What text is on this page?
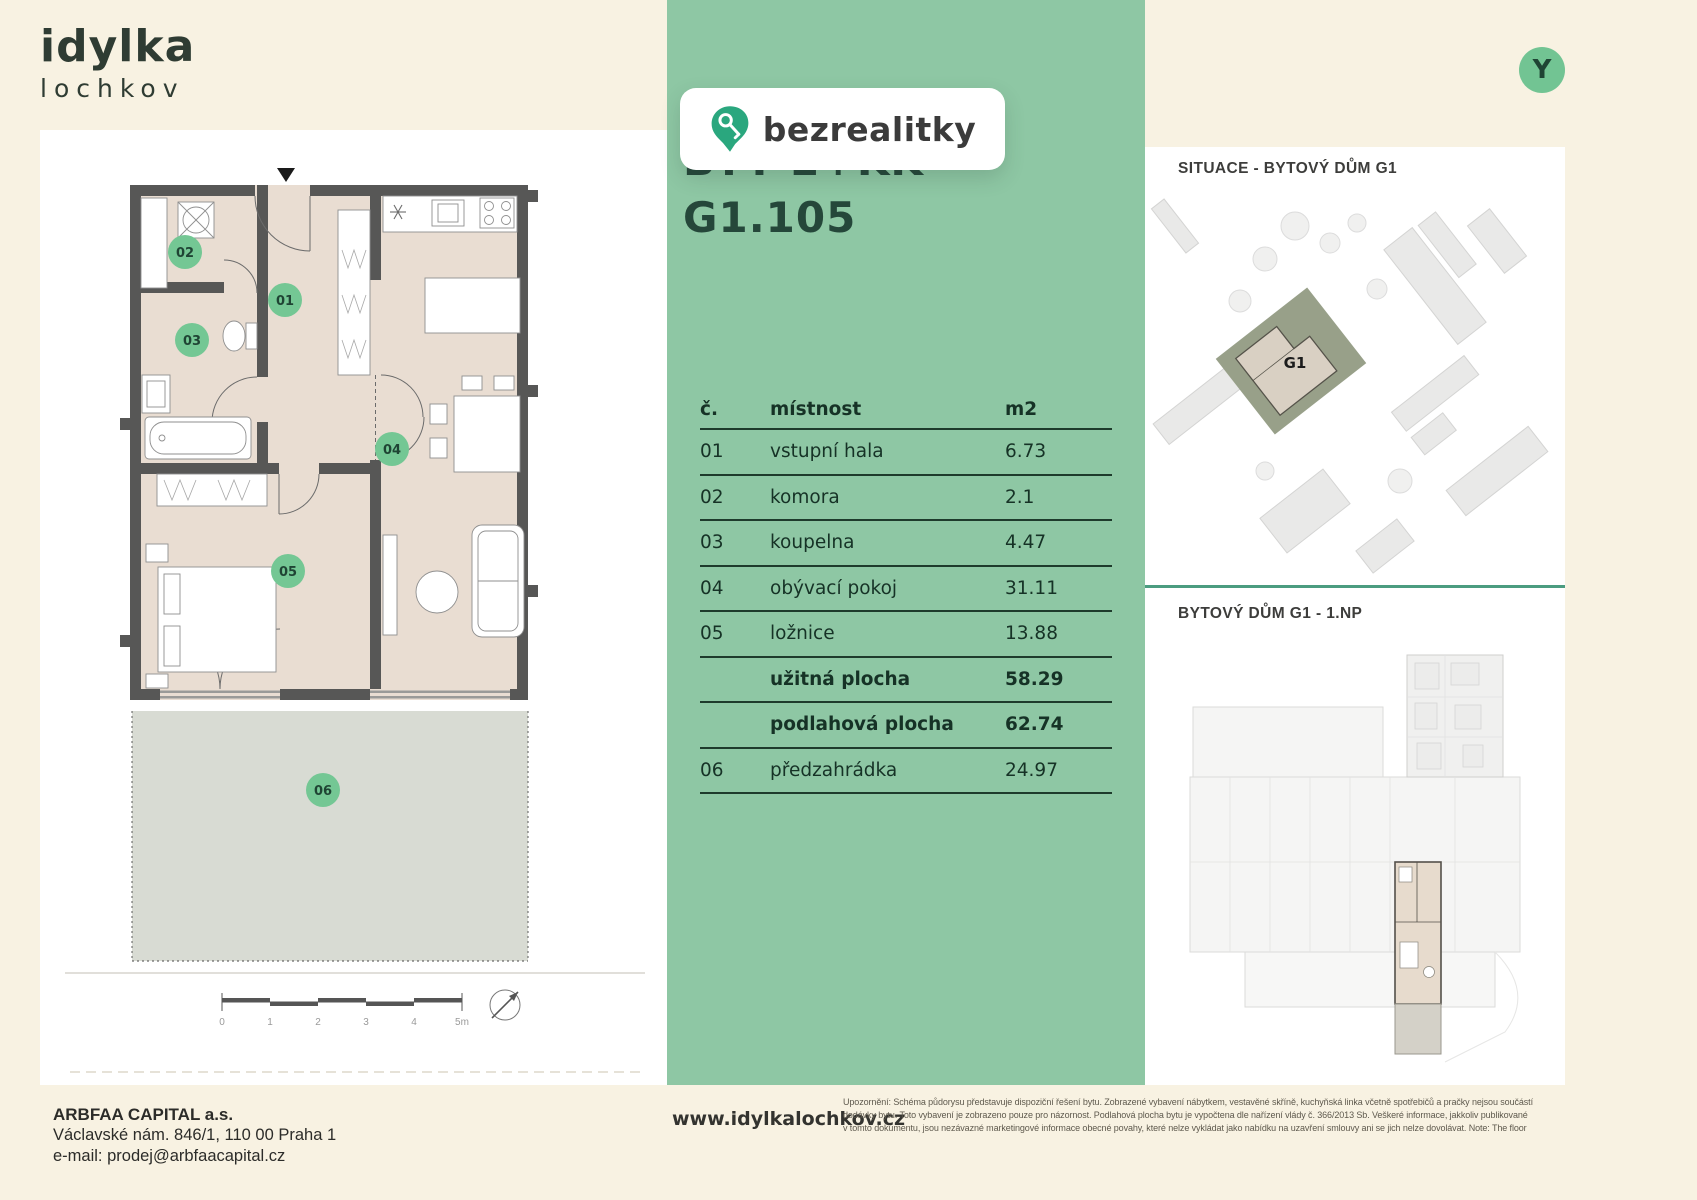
idylka
lochkov
Y
01
02
03
04
05
06
0	1	2	3	4	5m
G1.105
bezrealitky
č.	místnost	m2
01	vstupní hala	6.73
02	komora	2.1
03	koupelna	4.47
04	obývací pokoj	31.11
05	ložnice	13.88
užitná plocha	58.29
podlahová plocha	62.74
06	předzahrádka	24.97
SITUACE - BYTOVÝ DŮM G1
G1
BYTOVÝ DŮM G1 - 1.NP
ARBFAA CAPITAL a.s.
Václavské nám. 846/1, 110 00 Praha 1
e-mail: prodej@arbfaacapital.cz
www.idylkalochkov.cz
Upozornění: Schéma půdorysu představuje dispoziční řešení bytu. Zobrazené vybavení nábytkem, vestavěné skříně, kuchyňská linka včetně spotřebičů a pračky nejsou součástí
dodávky bytu. Toto vybavení je zobrazeno pouze pro názornost. Podlahová plocha bytu je vypočtena dle nařízení vlády č. 366/2013 Sb. Veškeré informace, jakkoliv publikované
v tomto dokumentu, jsou nezávazné marketingové informace obecné povahy, které nelze vykládat jako nabídku na uzavření smlouvy ani se jich nelze dovolávat. Note: The floor
